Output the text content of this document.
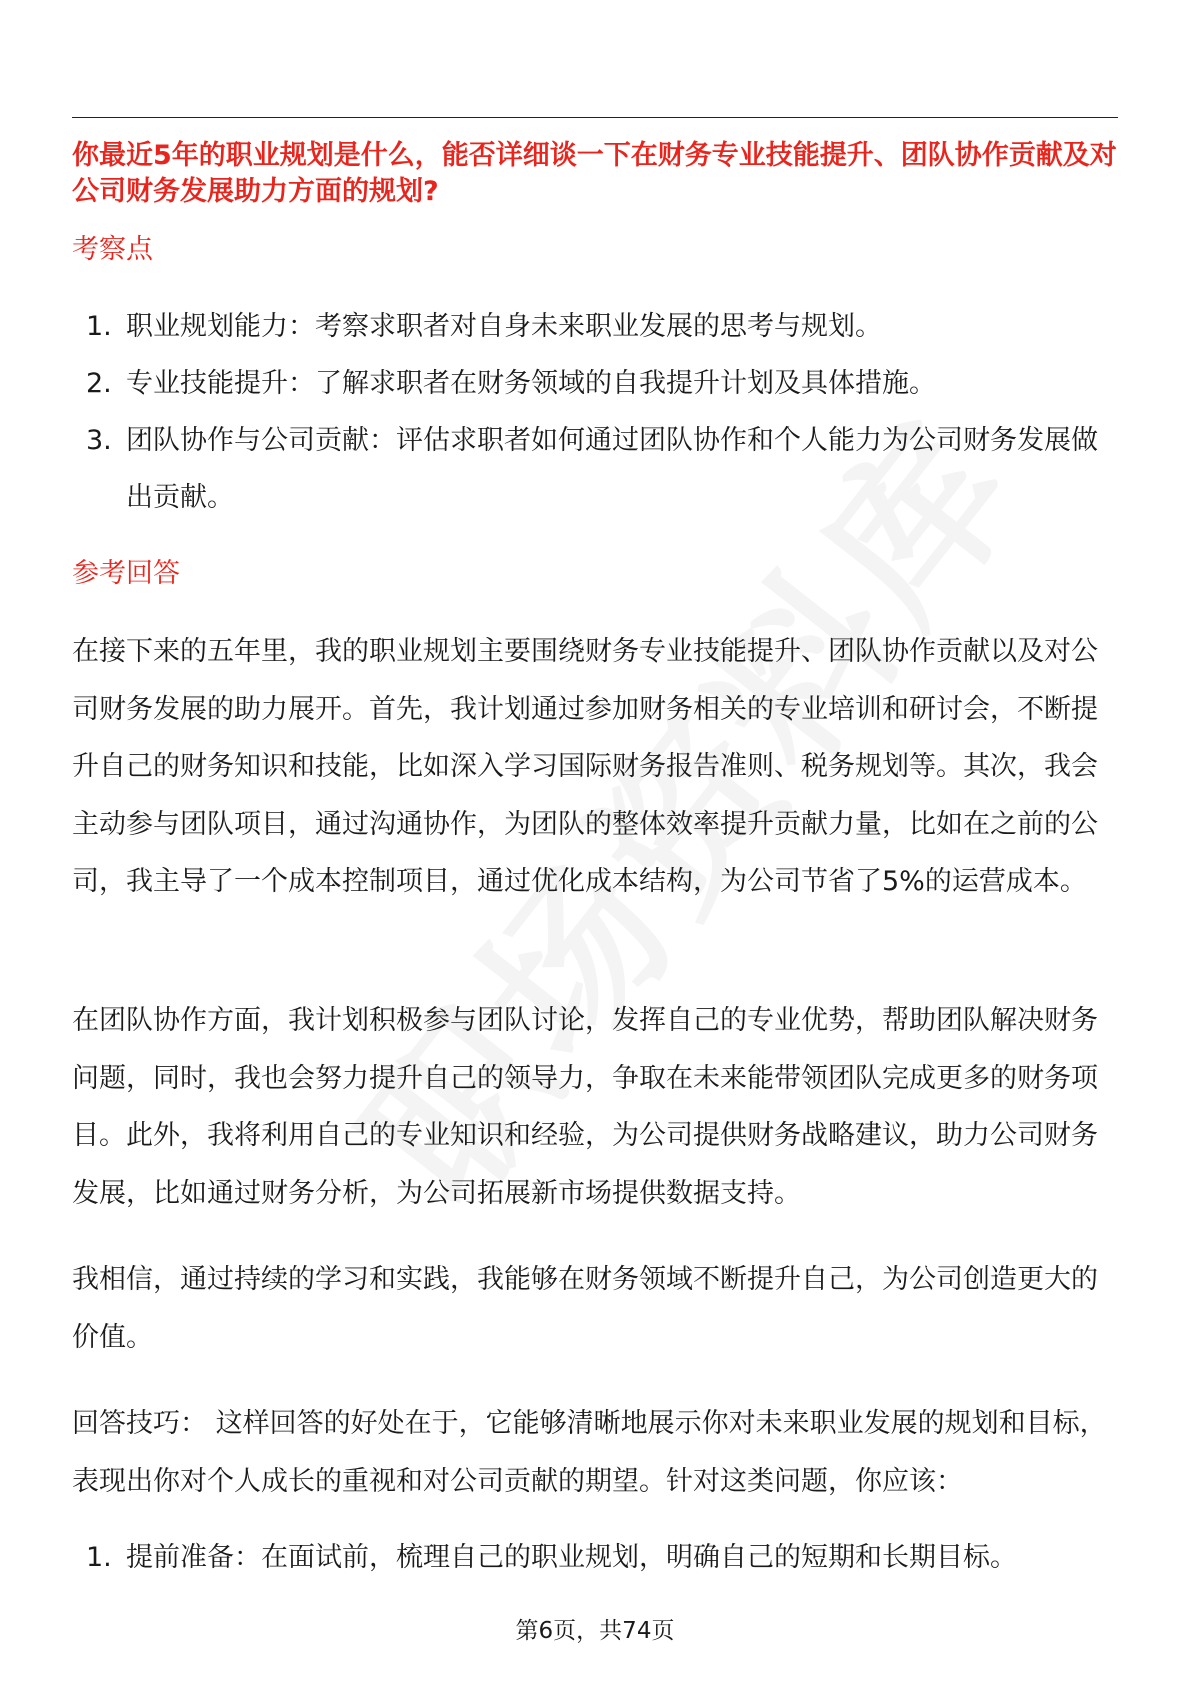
你最近5年的职业规划是什么，能否详细谈一下在财务专业技能提升、团队协作贡献及对公司财务发展助力方面的规划?
考察点
1. 职业规划能力：考察求职者对自身未来职业发展的思考与规划。
2. 专业技能提升：了解求职者在财务领域的自我提升计划及具体措施。
3. 团队协作与公司贡献：评估求职者如何通过团队协作和个人能力为公司财务发展做出贡献。
参考回答

在接下来的五年里，我的职业规划主要围绕财务专业技能提升、团队协作贡献以及对公司财务发展的助力展开。首先，我计划通过参加财务相关的专业培训和研讨会，不断提升自己的财务知识和技能，比如深入学习国际财务报告准则、税务规划等。其次，我会主动参与团队项目，通过沟通协作，为团队的整体效率提升贡献力量，比如在之前的公司，我主导了一个成本控制项目，通过优化成本结构，为公司节省了5%的运营成本。

在团队协作方面，我计划积极参与团队讨论，发挥自己的专业优势，帮助团队解决财务问题，同时，我也会努力提升自己的领导力，争取在未来能带领团队完成更多的财务项目。此外，我将利用自己的专业知识和经验，为公司提供财务战略建议，助力公司财务发展，比如通过财务分析，为公司拓展新市场提供数据支持。

我相信，通过持续的学习和实践，我能够在财务领域不断提升自己，为公司创造更大的价值。

回答技巧： 这样回答的好处在于，它能够清晰地展示你对未来职业发展的规划和目标，表现出你对个人成长的重视和对公司贡献的期望。针对这类问题，你应该：

1. 提前准备：在面试前，梳理自己的职业规划，明确自己的短期和长期目标。
第6页，共74页
